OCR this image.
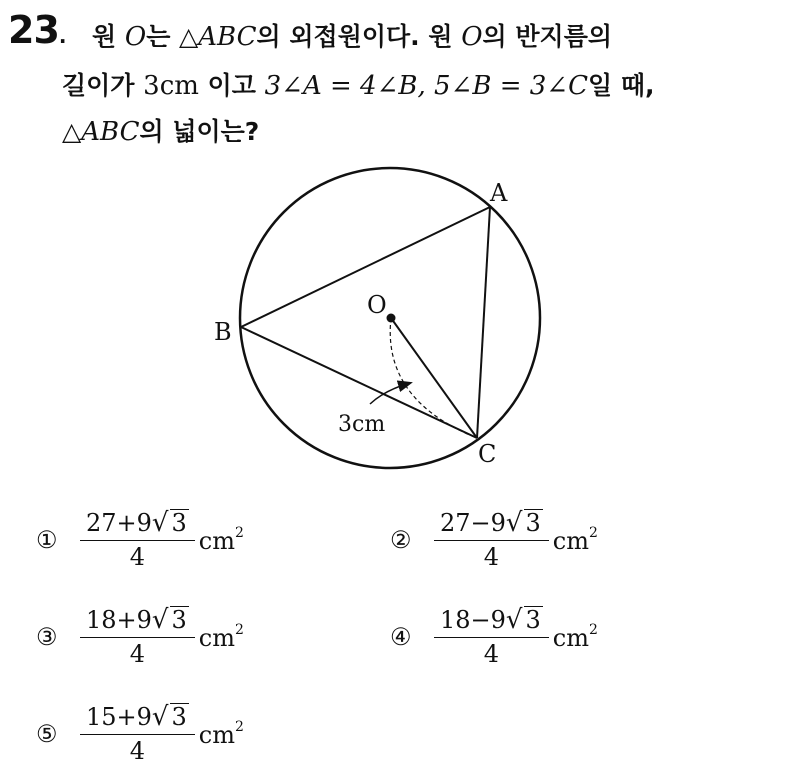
23. 원 O는 △ABC의 외접원이다. 원 O의 반지름의
길이가 3cm 이고 3∠A = 4∠B, 5∠B = 3∠C일 때,
△ABC의 넓이는?
A
B
C
O
3cm
① $\frac{27+9√ 3}{4} cm^2$	② $\frac{27-9√ 3}{4} cm^2$
③ $\frac{18+9√ 3}{4} cm^2$	④ $\frac{18-9√ 3}{4} cm^2$
⑤ $\frac{15+9√ 3}{4} cm^2$
